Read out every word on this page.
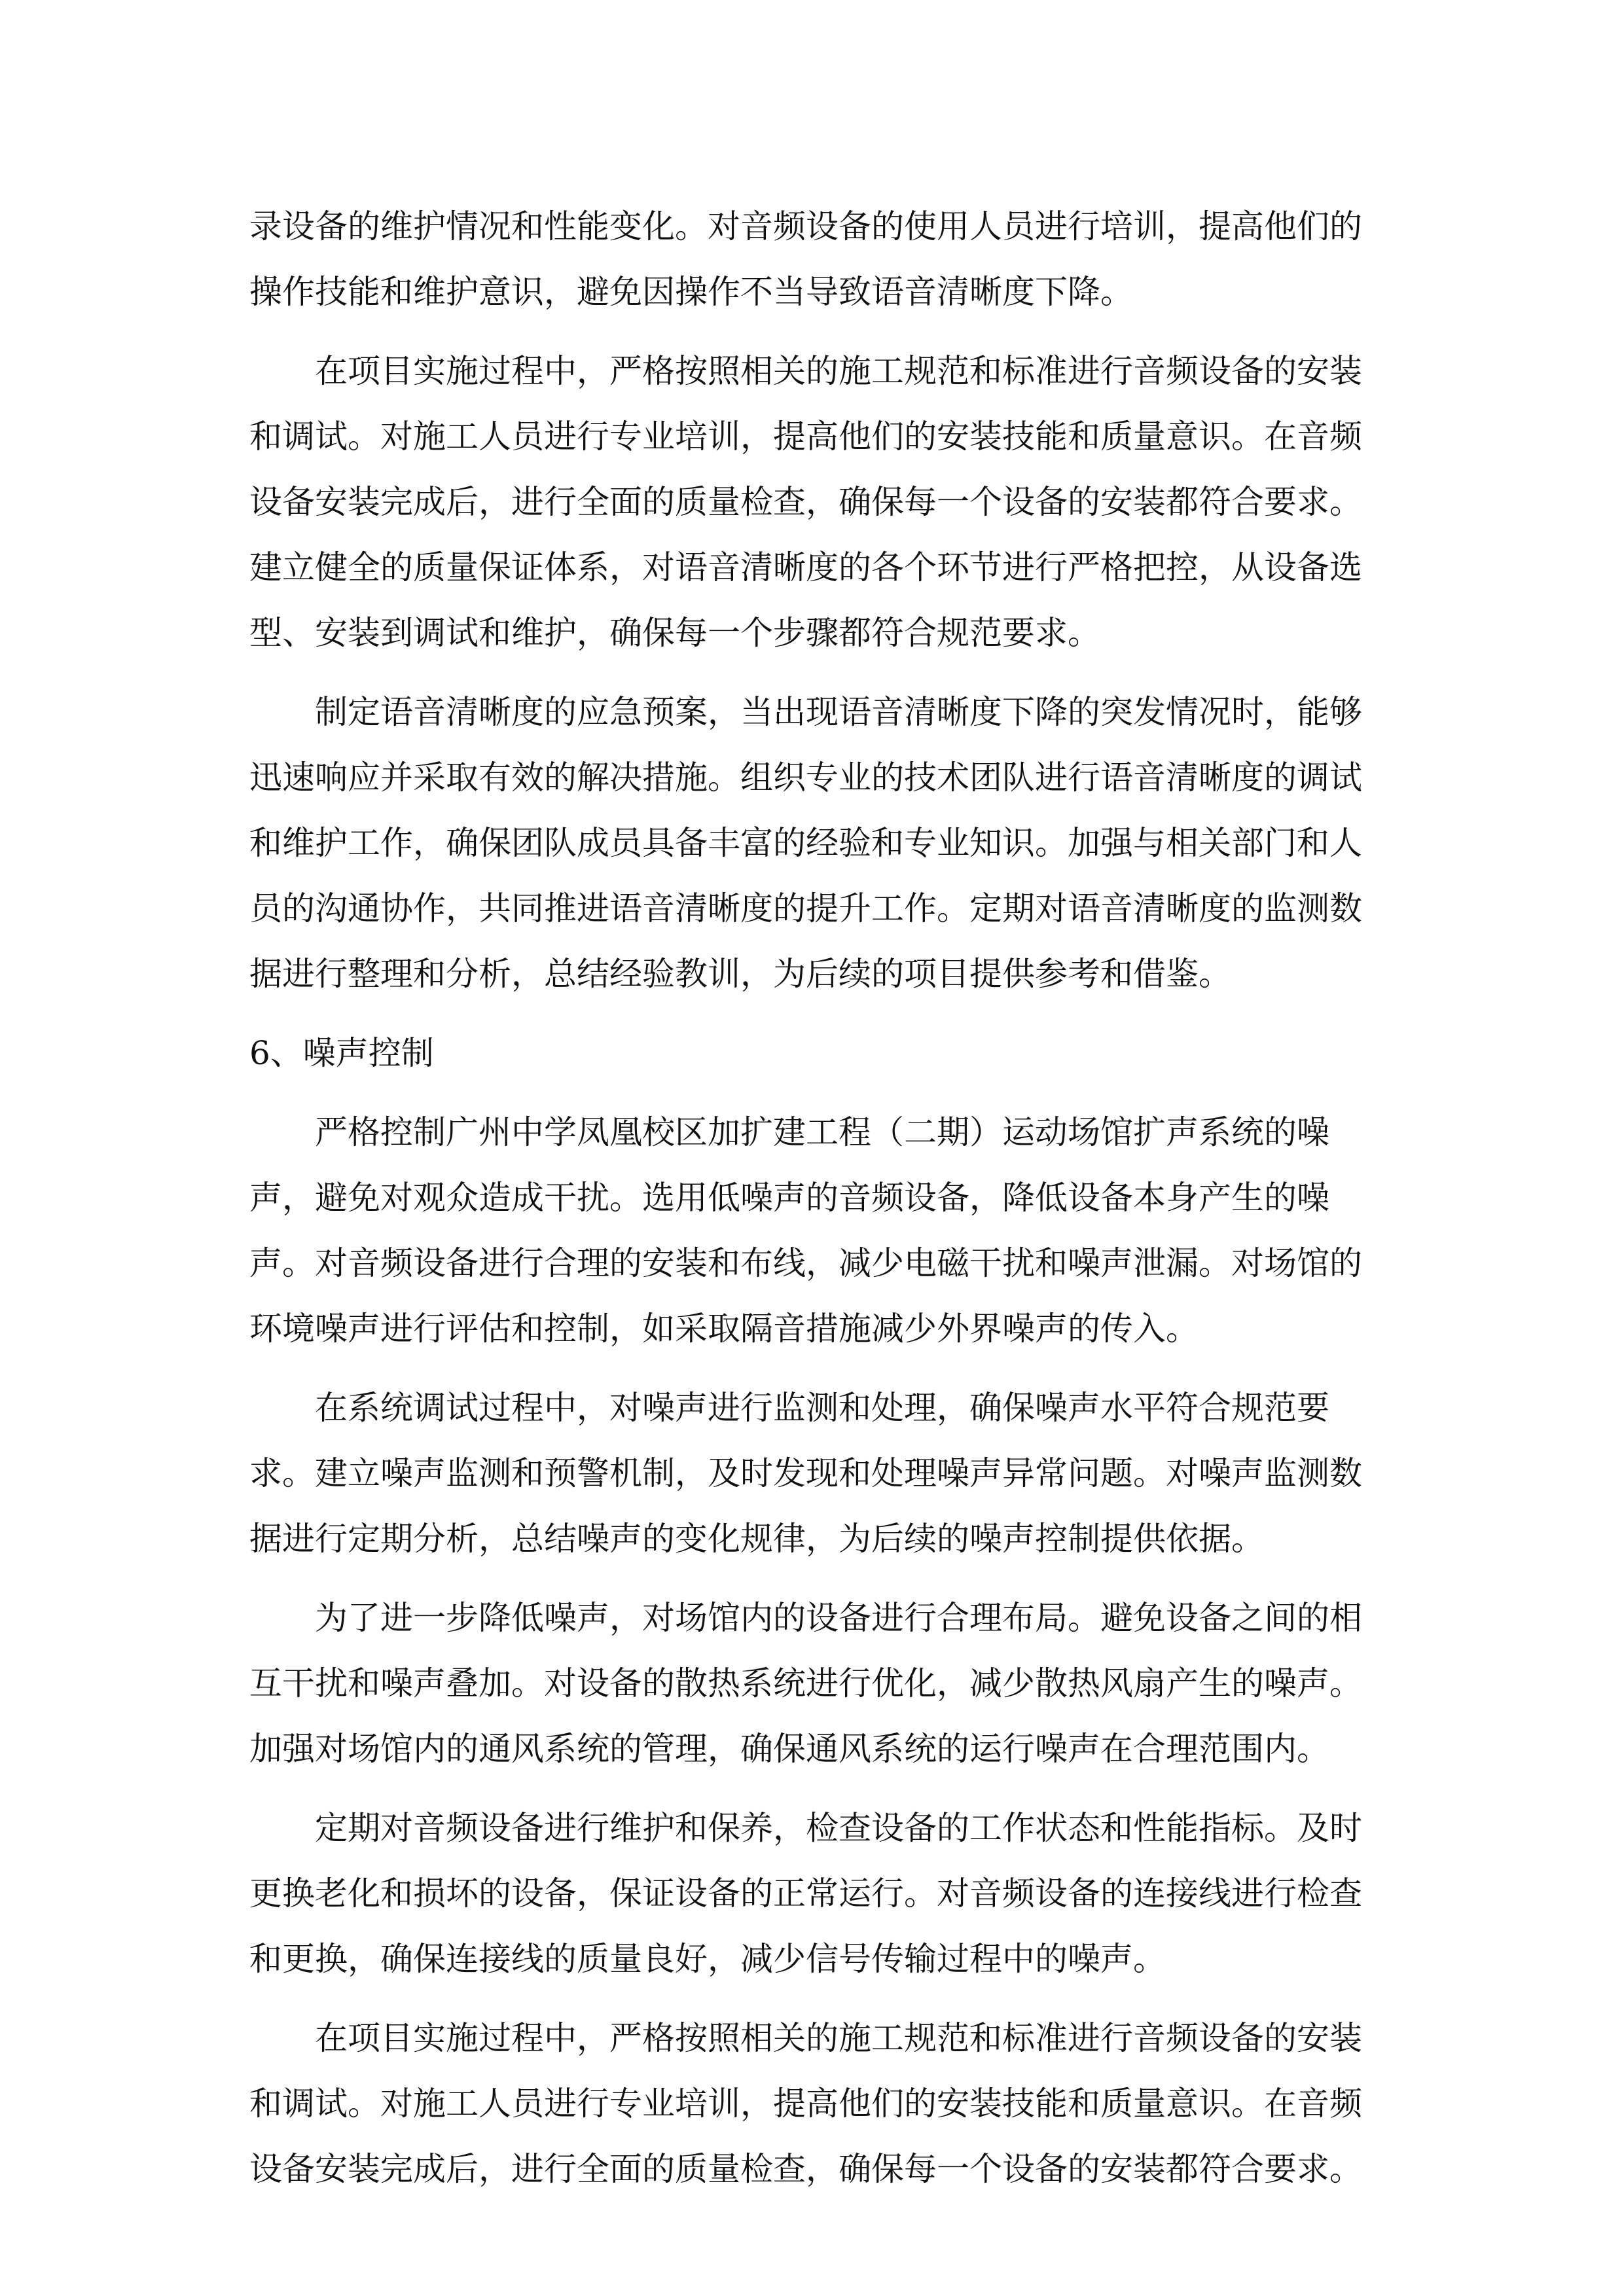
录设备的维护情况和性能变化。对音频设备的使用人员进行培训，提高他们的
操作技能和维护意识，避免因操作不当导致语音清晰度下降。
在项目实施过程中，严格按照相关的施工规范和标准进行音频设备的安装
和调试。对施工人员进行专业培训，提高他们的安装技能和质量意识。在音频
设备安装完成后，进行全面的质量检查，确保每一个设备的安装都符合要求。
建立健全的质量保证体系，对语音清晰度的各个环节进行严格把控，从设备选
型、安装到调试和维护，确保每一个步骤都符合规范要求。
制定语音清晰度的应急预案，当出现语音清晰度下降的突发情况时，能够
迅速响应并采取有效的解决措施。组织专业的技术团队进行语音清晰度的调试
和维护工作，确保团队成员具备丰富的经验和专业知识。加强与相关部门和人
员的沟通协作，共同推进语音清晰度的提升工作。定期对语音清晰度的监测数
据进行整理和分析，总结经验教训，为后续的项目提供参考和借鉴。
6、噪声控制
严格控制广州中学凤凰校区加扩建工程（二期）运动场馆扩声系统的噪
声，避免对观众造成干扰。选用低噪声的音频设备，降低设备本身产生的噪
声。对音频设备进行合理的安装和布线，减少电磁干扰和噪声泄漏。对场馆的
环境噪声进行评估和控制，如采取隔音措施减少外界噪声的传入。
在系统调试过程中，对噪声进行监测和处理，确保噪声水平符合规范要
求。建立噪声监测和预警机制，及时发现和处理噪声异常问题。对噪声监测数
据进行定期分析，总结噪声的变化规律，为后续的噪声控制提供依据。
为了进一步降低噪声，对场馆内的设备进行合理布局。避免设备之间的相
互干扰和噪声叠加。对设备的散热系统进行优化，减少散热风扇产生的噪声。
加强对场馆内的通风系统的管理，确保通风系统的运行噪声在合理范围内。
定期对音频设备进行维护和保养，检查设备的工作状态和性能指标。及时
更换老化和损坏的设备，保证设备的正常运行。对音频设备的连接线进行检查
和更换，确保连接线的质量良好，减少信号传输过程中的噪声。
在项目实施过程中，严格按照相关的施工规范和标准进行音频设备的安装
和调试。对施工人员进行专业培训，提高他们的安装技能和质量意识。在音频
设备安装完成后，进行全面的质量检查，确保每一个设备的安装都符合要求。
